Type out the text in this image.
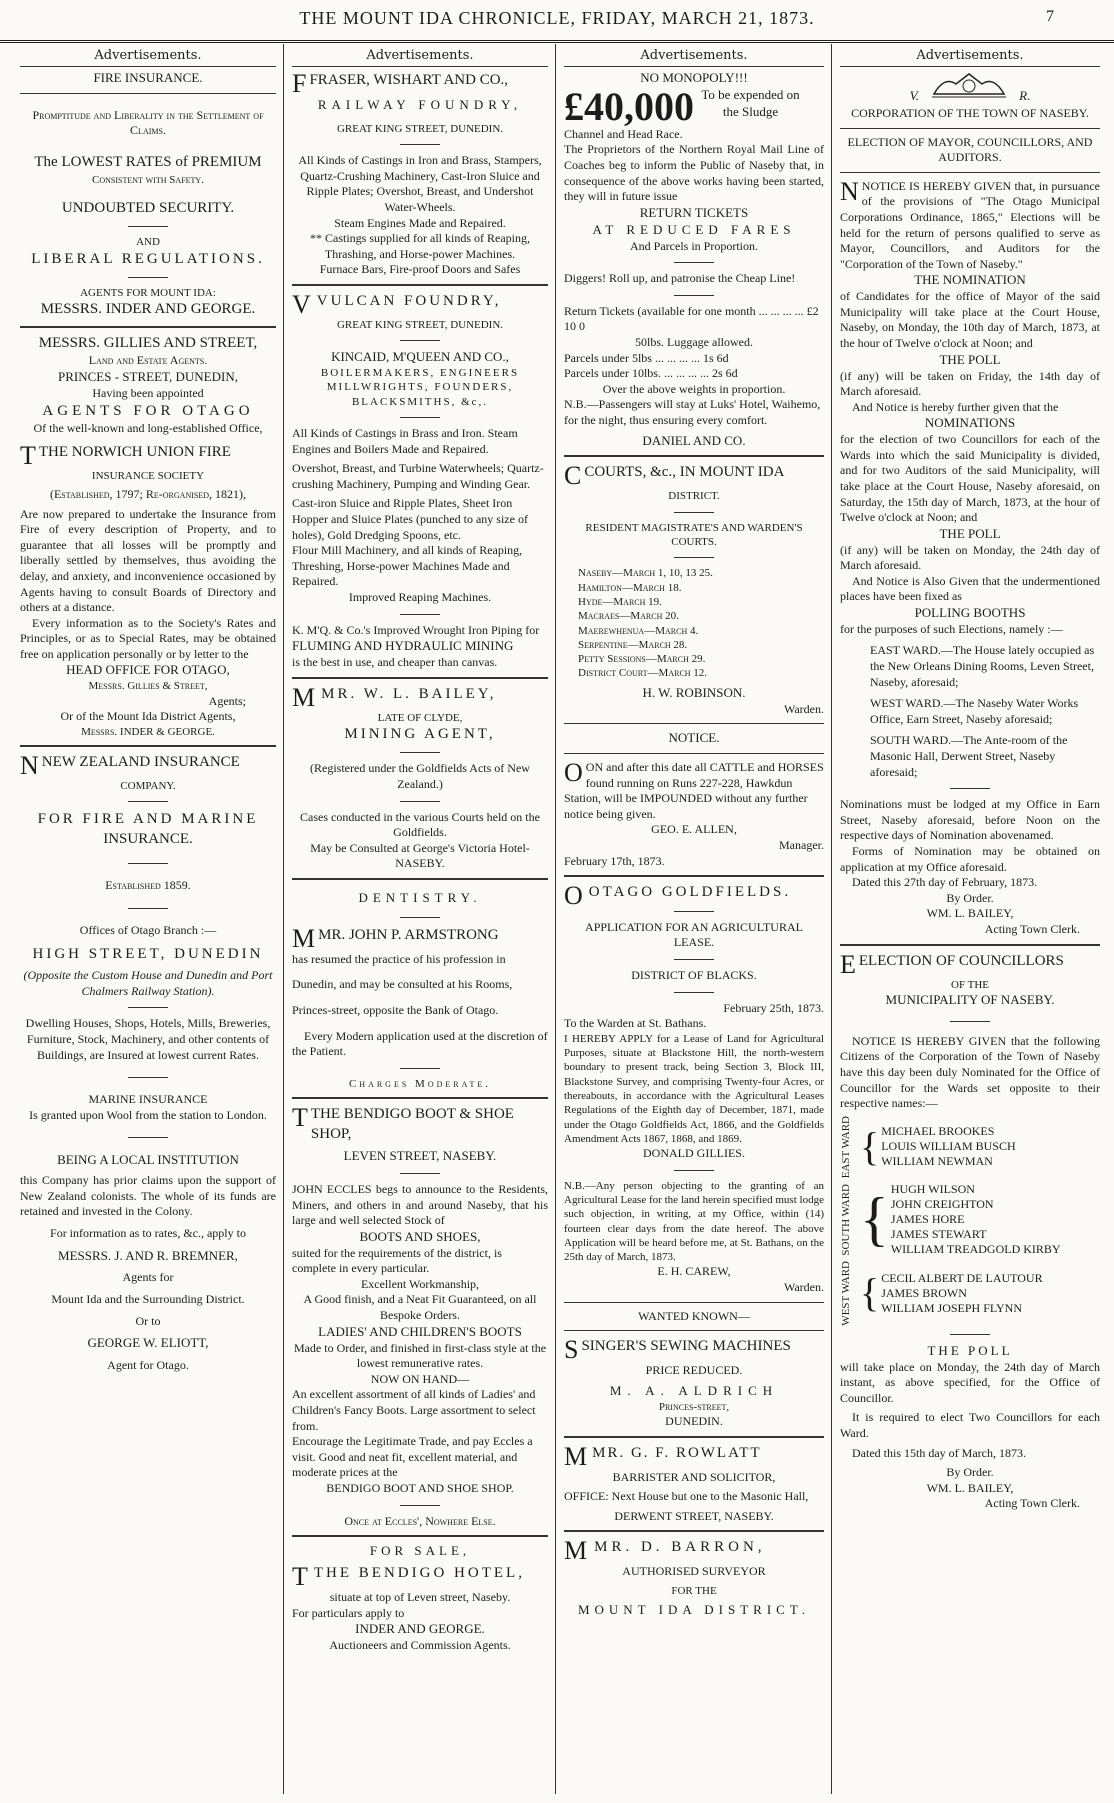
THE MOUNT IDA CHRONICLE, FRIDAY, MARCH 21, 1873.	7
Advertisements.
FIRE INSURANCE.
Promptitude and Liberality in the Settlement of Claims.
The LOWEST RATES of PREMIUM
Consistent with Safety.
UNDOUBTED SECURITY.
AND
LIBERAL REGULATIONS.
AGENTS FOR MOUNT IDA:
MESSRS. INDER AND GEORGE.
MESSRS. GILLIES AND STREET,
Land and Estate Agents.
PRINCES - STREET, DUNEDIN,
Having been appointed
AGENTS FOR OTAGO
Of the well-known and long-established Office,
TTHE NORWICH UNION FIRE
INSURANCE SOCIETY
(Established, 1797; Re-organised, 1821),
Are now prepared to undertake the Insurance from Fire of every description of Property, and to guarantee that all losses will be promptly and liberally settled by themselves, thus avoiding the delay, and anxiety, and inconvenience occasioned by Agents having to consult Boards of Directory and others at a distance.
Every information as to the Society's Rates and Principles, or as to Special Rates, may be obtained free on application personally or by letter to the
HEAD OFFICE FOR OTAGO,
Messrs. Gillies & Street,
Agents;
Or of the Mount Ida District Agents,
Messrs. INDER & GEORGE.
NNEW ZEALAND INSURANCE
COMPANY.
FOR FIRE AND MARINE
INSURANCE.
Established 1859.
Offices of Otago Branch :—
HIGH STREET, DUNEDIN
(Opposite the Custom House and Dunedin and Port Chalmers Railway Station).
Dwelling Houses, Shops, Hotels, Mills, Breweries, Furniture, Stock, Machinery, and other contents of Buildings, are Insured at lowest current Rates.
MARINE INSURANCE
Is granted upon Wool from the station to London.
BEING A LOCAL INSTITUTION
this Company has prior claims upon the support of New Zealand colonists. The whole of its funds are retained and invested in the Colony.
For information as to rates, &c., apply to
MESSRS. J. AND R. BREMNER,
Agents for
Mount Ida and the Surrounding District.
Or to
GEORGE W. ELIOTT,
Agent for Otago.
Advertisements.
FFRASER, WISHART AND CO.,
RAILWAY FOUNDRY,
GREAT KING STREET, DUNEDIN.
All Kinds of Castings in Iron and Brass, Stampers, Quartz-Crushing Machinery, Cast-Iron Sluice and Ripple Plates; Overshot, Breast, and Undershot Water-Wheels.
Steam Engines Made and Repaired.
** Castings supplied for all kinds of Reaping, Thrashing, and Horse-power Machines.
Furnace Bars, Fire-proof Doors and Safes
VVULCAN FOUNDRY,
GREAT KING STREET, DUNEDIN.
KINCAID, M'QUEEN AND CO.,
BOILERMAKERS, ENGINEERS MILLWRIGHTS, FOUNDERS, BLACKSMITHS, &c,.
All Kinds of Castings in Brass and Iron. Steam Engines and Boilers Made and Repaired.
Overshot, Breast, and Turbine Waterwheels; Quartz-crushing Machinery, Pumping and Winding Gear.
Cast-iron Sluice and Ripple Plates, Sheet Iron Hopper and Sluice Plates (punched to any size of holes), Gold Dredging Spoons, etc.
Flour Mill Machinery, and all kinds of Reaping, Threshing, Horse-power Machines Made and Repaired.
Improved Reaping Machines.
K. M'Q. & Co.'s Improved Wrought Iron Piping for
FLUMING AND HYDRAULIC MINING
is the best in use, and cheaper than canvas.
MMR. W. L. BAILEY,
LATE OF CLYDE,
MINING AGENT,
(Registered under the Goldfields Acts of New Zealand.)
Cases conducted in the various Courts held on the Goldfields.
May be Consulted at George's Victoria Hotel-NASEBY.
DENTISTRY.
MMR. JOHN P. ARMSTRONG
has resumed the practice of his profession in
Dunedin, and may be consulted at his Rooms,
Princes-street, opposite the Bank of Otago.
Every Modern application used at the discretion of the Patient.
Charges Moderate.
TTHE BENDIGO BOOT & SHOE SHOP,
LEVEN STREET, NASEBY.
JOHN ECCLES begs to announce to the Residents, Miners, and others in and around Naseby, that his large and well selected Stock of
BOOTS AND SHOES,
suited for the requirements of the district, is complete in every particular.
Excellent Workmanship,
A Good finish, and a Neat Fit Guaranteed, on all Bespoke Orders.
LADIES' AND CHILDREN'S BOOTS
Made to Order, and finished in first-class style at the lowest remunerative rates.
NOW ON HAND—
An excellent assortment of all kinds of Ladies' and Children's Fancy Boots. Large assortment to select from.
Encourage the Legitimate Trade, and pay Eccles a visit. Good and neat fit, excellent material, and moderate prices at the
BENDIGO BOOT AND SHOE SHOP.
Once at Eccles', Nowhere Else.
FOR SALE,
TTHE BENDIGO HOTEL,
situate at top of Leven street, Naseby.
For particulars apply to
INDER AND GEORGE.
Auctioneers and Commission Agents.
Advertisements.
NO MONOPOLY!!!
£40,000 To be expended on the Sludge
Channel and Head Race.
The Proprietors of the Northern Royal Mail Line of Coaches beg to inform the Public of Naseby that, in consequence of the above works having been started, they will in future issue
RETURN TICKETS
AT REDUCED FARES
And Parcels in Proportion.
Diggers! Roll up, and patronise the Cheap Line!
Return Tickets (available for one month ... ... ... ... £2 10 0
50lbs. Luggage allowed.
Parcels under 5lbs ... ... ... ... 1s 6d
Parcels under 10lbs. ... ... ... ... 2s 6d
Over the above weights in proportion.
N.B.—Passengers will stay at Luks' Hotel, Waihemo, for the night, thus ensuring every comfort.
DANIEL AND CO.
CCOURTS, &c., IN MOUNT IDA
DISTRICT.
RESIDENT MAGISTRATE'S AND WARDEN'S COURTS.
Naseby—March 1, 10, 13 25.
Hamilton—March 18.
Hyde—March 19.
Macraes—March 20.
Maerewhenua—March 4.
Serpentine—March 28.
Petty Sessions—March 29.
District Court—March 12.
H. W. ROBINSON.
Warden.
NOTICE.
OON and after this date all CATTLE and HORSES found running on Runs 227-228, Hawkdun Station, will be IMPOUNDED without any further notice being given.
GEO. E. ALLEN,
Manager.
February 17th, 1873.
OOTAGO GOLDFIELDS.
APPLICATION FOR AN AGRICULTURAL LEASE.
DISTRICT OF BLACKS.
February 25th, 1873.
To the Warden at St. Bathans.
I HEREBY APPLY for a Lease of Land for Agricultural Purposes, situate at Blackstone Hill, the north-western boundary to present track, being Section 3, Block III, Blackstone Survey, and comprising Twenty-four Acres, or thereabouts, in accordance with the Agricultural Leases Regulations of the Eighth day of December, 1871, made under the Otago Goldfields Act, 1866, and the Goldfields Amendment Acts 1867, 1868, and 1869.
DONALD GILLIES.
N.B.—Any person objecting to the granting of an Agricultural Lease for the land herein specified must lodge such objection, in writing, at my Office, within (14) fourteen clear days from the date hereof. The above Application will be heard before me, at St. Bathans, on the 25th day of March, 1873.
E. H. CAREW,
Warden.
WANTED KNOWN—
SSINGER'S SEWING MACHINES
PRICE REDUCED.
M. A. ALDRICH
Princes-street,
DUNEDIN.
MMR. G. F. ROWLATT
BARRISTER AND SOLICITOR,
OFFICE: Next House but one to the Masonic Hall,
DERWENT STREET, NASEBY.
MMR. D. BARRON,
AUTHORISED SURVEYOR
FOR THE
MOUNT IDA DISTRICT.
Advertisements.
V.	R.
CORPORATION OF THE TOWN OF NASEBY.
ELECTION OF MAYOR, COUNCILLORS, AND AUDITORS.
NNOTICE IS HEREBY GIVEN that, in pursuance of the provisions of "The Otago Municipal Corporations Ordinance, 1865," Elections will be held for the return of persons qualified to serve as Mayor, Councillors, and Auditors for the "Corporation of the Town of Naseby."
THE NOMINATION
of Candidates for the office of Mayor of the said Municipality will take place at the Court House, Naseby, on Monday, the 10th day of March, 1873, at the hour of Twelve o'clock at Noon; and
THE POLL
(if any) will be taken on Friday, the 14th day of March aforesaid.
And Notice is hereby further given that the
NOMINATIONS
for the election of two Councillors for each of the Wards into which the said Municipality is divided, and for two Auditors of the said Municipality, will take place at the Court House, Naseby aforesaid, on Saturday, the 15th day of March, 1873, at the hour of Twelve o'clock at Noon; and
THE POLL
(if any) will be taken on Monday, the 24th day of March aforesaid.
And Notice is Also Given that the undermentioned places have been fixed as
POLLING BOOTHS
for the purposes of such Elections, namely :—
EAST WARD.—The House lately occupied as the New Orleans Dining Rooms, Leven Street, Naseby, aforesaid;
WEST WARD.—The Naseby Water Works Office, Earn Street, Naseby aforesaid;
SOUTH WARD.—The Ante-room of the Masonic Hall, Derwent Street, Naseby aforesaid;
Nominations must be lodged at my Office in Earn Street, Naseby aforesaid, before Noon on the respective days of Nomination abovenamed.
Forms of Nomination may be obtained on application at my Office aforesaid.
Dated this 27th day of February, 1873.
By Order.
WM. L. BAILEY,
Acting Town Clerk.
EELECTION OF COUNCILLORS
OF THE
MUNICIPALITY OF NASEBY.
NOTICE IS HEREBY GIVEN that the following Citizens of the Corporation of the Town of Naseby have this day been duly Nominated for the Office of Councillor for the Wards set opposite to their respective names:—
EAST WARD { MICHAEL BROOKES
LOUIS WILLIAM BUSCH
WILLIAM NEWMAN
SOUTH WARD { HUGH WILSON
JOHN CREIGHTON
JAMES HORE
JAMES STEWART
WILLIAM TREADGOLD KIRBY
WEST WARD { CECIL ALBERT DE LAUTOUR
JAMES BROWN
WILLIAM JOSEPH FLYNN
THE POLL
will take place on Monday, the 24th day of March instant, as above specified, for the Office of Councillor.
It is required to elect Two Councillors for each Ward.
Dated this 15th day of March, 1873.
By Order.
WM. L. BAILEY,
Acting Town Clerk.
